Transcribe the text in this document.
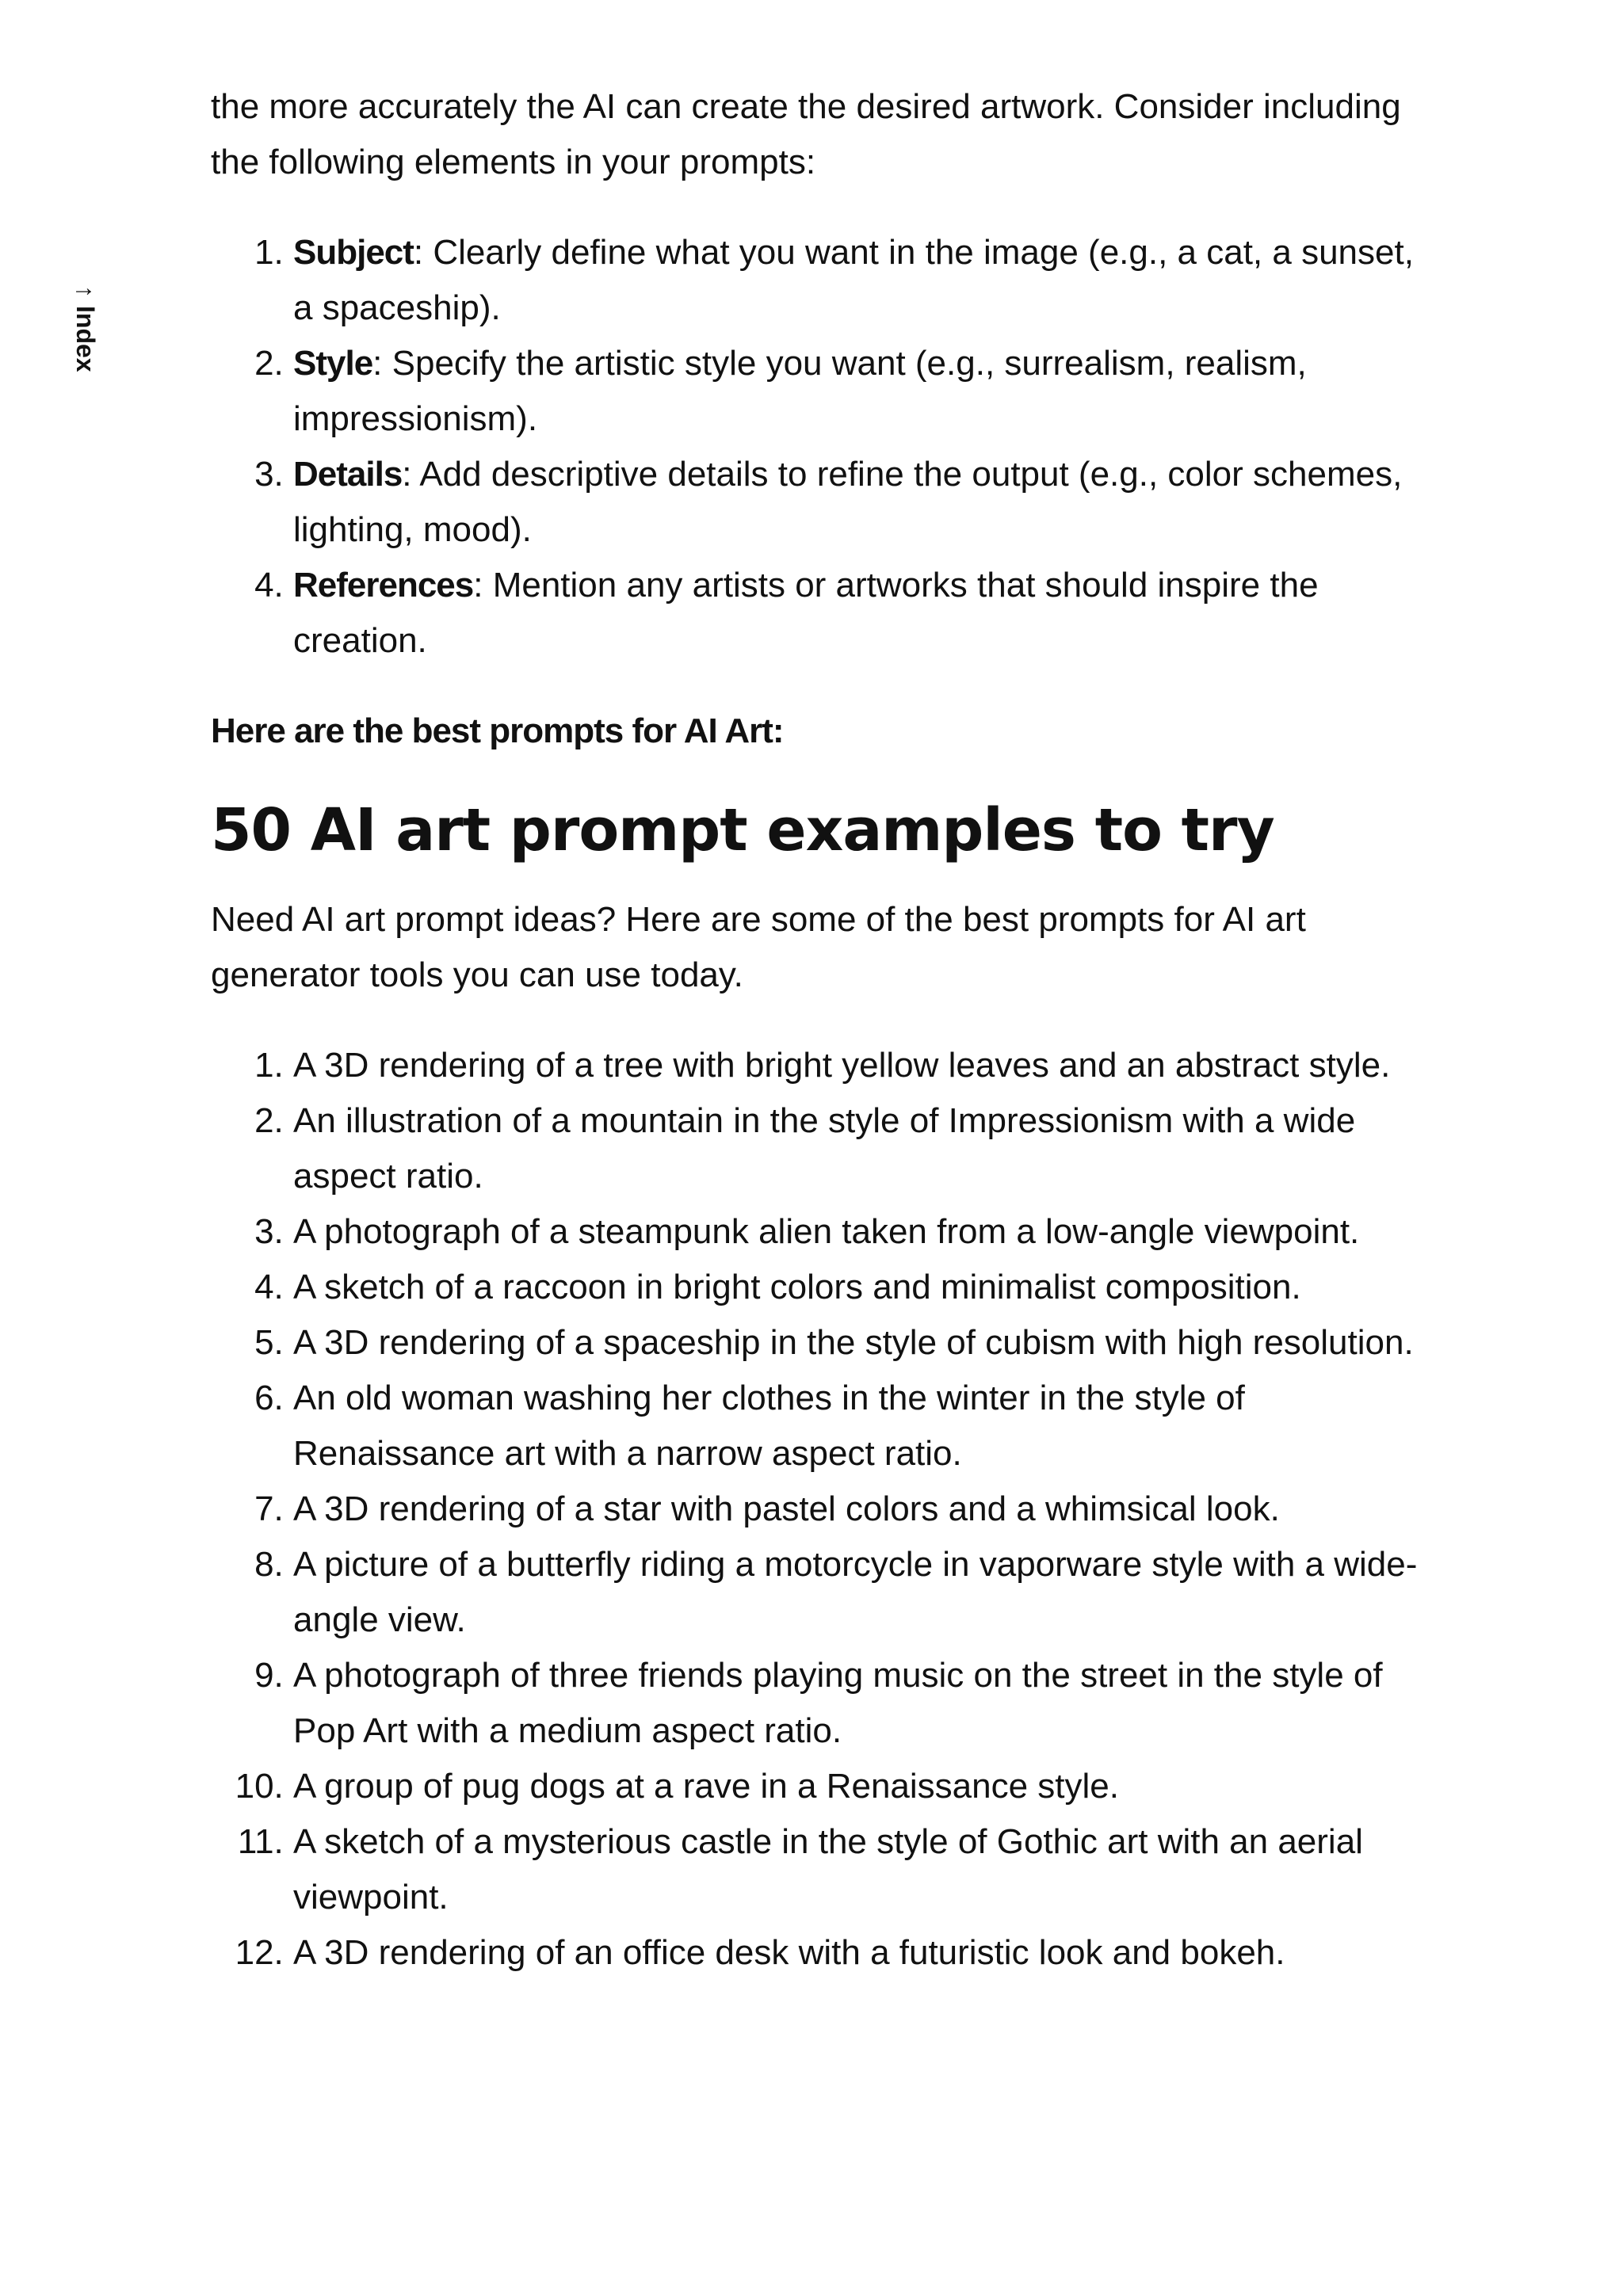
↑Index

the more accurately the AI can create the desired artwork. Consider including the following elements in your prompts:

1. Subject: Clearly define what you want in the image (e.g., a cat, a sunset, a spaceship).
2. Style: Specify the artistic style you want (e.g., surrealism, realism, impressionism).
3. Details: Add descriptive details to refine the output (e.g., color schemes, lighting, mood).
4. References: Mention any artists or artworks that should inspire the creation.

Here are the best prompts for AI Art:

50 AI art prompt examples to try

Need AI art prompt ideas? Here are some of the best prompts for AI art generator tools you can use today.

1. A 3D rendering of a tree with bright yellow leaves and an abstract style.
2. An illustration of a mountain in the style of Impressionism with a wide aspect ratio.
3. A photograph of a steampunk alien taken from a low-angle viewpoint.
4. A sketch of a raccoon in bright colors and minimalist composition.
5. A 3D rendering of a spaceship in the style of cubism with high resolution.
6. An old woman washing her clothes in the winter in the style of Renaissance art with a narrow aspect ratio.
7. A 3D rendering of a star with pastel colors and a whimsical look.
8. A picture of a butterfly riding a motorcycle in vaporware style with a wide-angle view.
9. A photograph of three friends playing music on the street in the style of Pop Art with a medium aspect ratio.
10. A group of pug dogs at a rave in a Renaissance style.
11. A sketch of a mysterious castle in the style of Gothic art with an aerial viewpoint.
12. A 3D rendering of an office desk with a futuristic look and bokeh.
